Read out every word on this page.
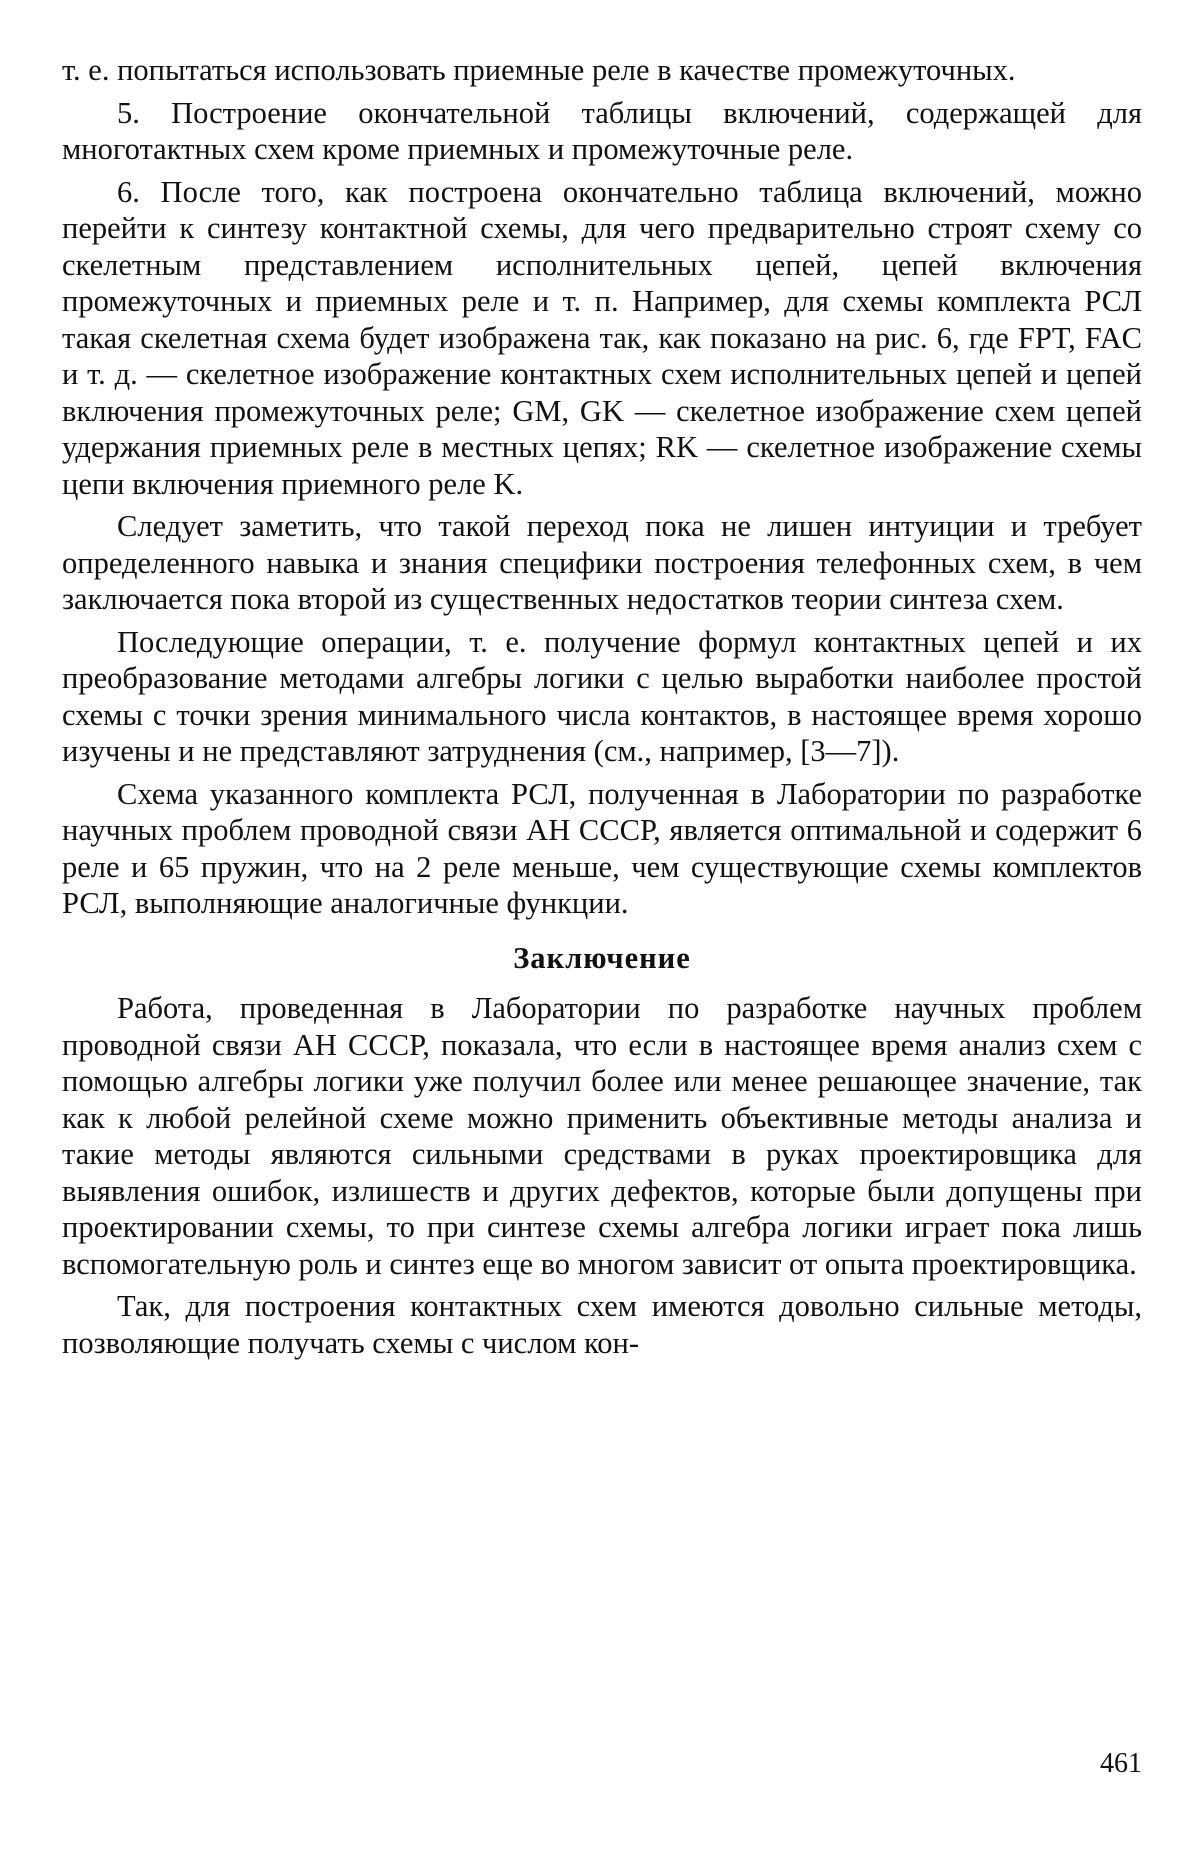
т. е. попытаться использовать приемные реле в качестве промежуточных.

5. Построение окончательной таблицы включений, содержащей для многотактных схем кроме приемных и промежуточные реле.

6. После того, как построена окончательно таблица включений, можно перейти к синтезу контактной схемы, для чего предварительно строят схему со скелетным представлением исполнительных цепей, цепей включения промежуточных и приемных реле и т. п. Например, для схемы комплекта РСЛ такая скелетная схема будет изображена так, как показано на рис. 6, где FPT, FAC и т. д. — скелетное изображение контактных схем исполнительных цепей и цепей включения промежуточных реле; GM, GK — скелетное изображение схем цепей удержания приемных реле в местных цепях; RK — скелетное изображение схемы цепи включения приемного реле K.

Следует заметить, что такой переход пока не лишен интуиции и требует определенного навыка и знания специфики построения телефонных схем, в чем заключается пока второй из существенных недостатков теории синтеза схем.

Последующие операции, т. е. получение формул контактных цепей и их преобразование методами алгебры логики с целью выработки наиболее простой схемы с точки зрения минимального числа контактов, в настоящее время хорошо изучены и не представляют затруднения (см., например, [3—7]).

Схема указанного комплекта РСЛ, полученная в Лаборатории по разработке научных проблем проводной связи АН СССР, является оптимальной и содержит 6 реле и 65 пружин, что на 2 реле меньше, чем существующие схемы комплектов РСЛ, выполняющие аналогичные функции.

Заключение

Работа, проведенная в Лаборатории по разработке научных проблем проводной связи АН СССР, показала, что если в настоящее время анализ схем с помощью алгебры логики уже получил более или менее решающее значение, так как к любой релейной схеме можно применить объективные методы анализа и такие методы являются сильными средствами в руках проектировщика для выявления ошибок, излишеств и других дефектов, которые были допущены при проектировании схемы, то при синтезе схемы алгебра логики играет пока лишь вспомогательную роль и синтез еще во многом зависит от опыта проектировщика.

Так, для построения контактных схем имеются довольно сильные методы, позволяющие получать схемы с числом кон-

461
